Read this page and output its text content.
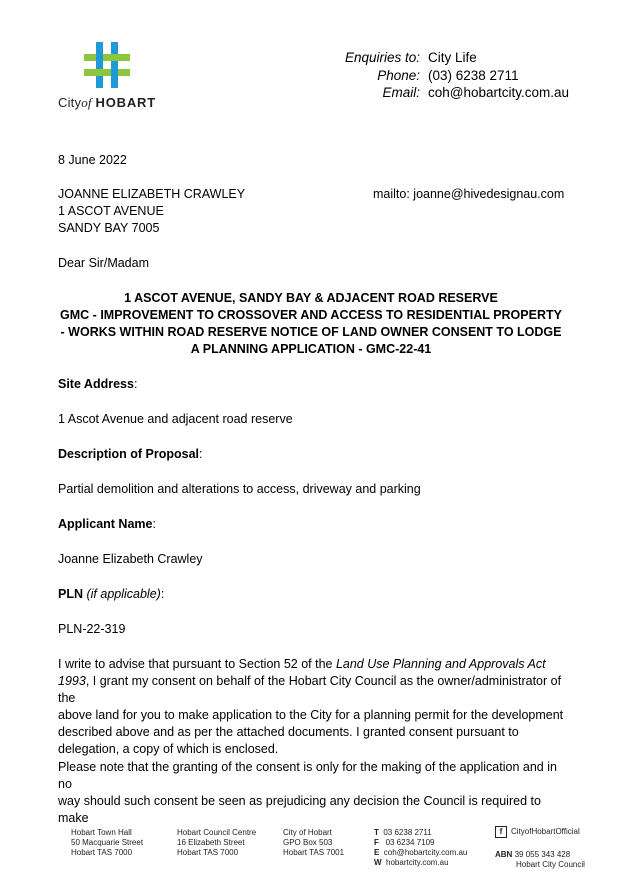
Cityof HOBART
Enquiries to:
Phone:
Email:
City Life
(03) 6238 2711
coh@hobartcity.com.au
8 June 2022
JOANNE ELIZABETH CRAWLEY
1 ASCOT AVENUE
SANDY BAY 7005
mailto: joanne@hivedesignau.com
Dear Sir/Madam
1 ASCOT AVENUE, SANDY BAY & ADJACENT ROAD RESERVE
GMC - IMPROVEMENT TO CROSSOVER AND ACCESS TO RESIDENTIAL PROPERTY
- WORKS WITHIN ROAD RESERVE NOTICE OF LAND OWNER CONSENT TO LODGE
A PLANNING APPLICATION - GMC-22-41
Site Address:
1 Ascot Avenue and adjacent road reserve
Description of Proposal:
Partial demolition and alterations to access, driveway and parking
Applicant Name:
Joanne Elizabeth Crawley
PLN (if applicable):
PLN-22-319
I write to advise that pursuant to Section 52 of the Land Use Planning and Approvals Act
1993, I grant my consent on behalf of the Hobart City Council as the owner/administrator of the
above land for you to make application to the City for a planning permit for the development
described above and as per the attached documents. I granted consent pursuant to
delegation, a copy of which is enclosed.
Please note that the granting of the consent is only for the making of the application and in no
way should such consent be seen as prejudicing any decision the Council is required to make
Hobart Town Hall
50 Macquarie Street
Hobart TAS 7000
Hobart Council Centre
16 Elizabeth Street
Hobart TAS 7000
City of Hobart
GPO Box 503
Hobart TAS 7001
T 03 6238 2711
F 03 6234 7109
E coh@hobartcity.com.au
W hobartcity.com.au
f CityofHobartOfficial
ABN 39 055 343 428
Hobart City Council
